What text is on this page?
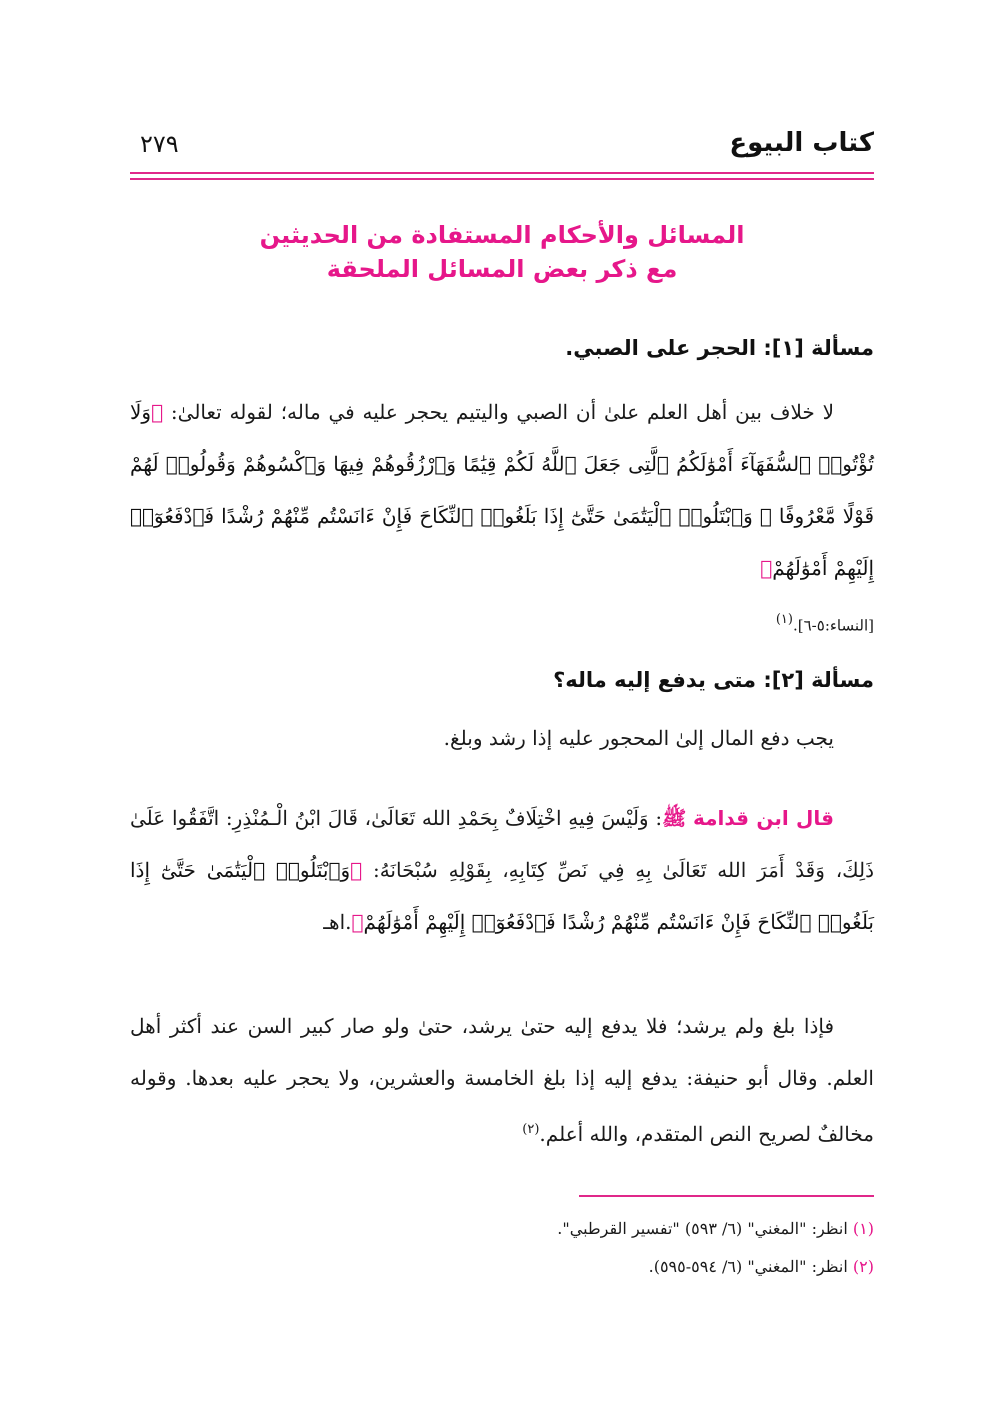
كتاب البيوع
٢٧٩
المسائل والأحكام المستفادة من الحديثين
مع ذكر بعض المسائل الملحقة
مسألة [١]: الحجر على الصبي.
لا خلاف بين أهل العلم علىٰ أن الصبي واليتيم يحجر عليه في ماله؛ لقوله تعالىٰ: ﴿وَلَا تُؤْتُوا۟ ٱلسُّفَهَآءَ أَمْوَٰلَكُمُ ٱلَّتِى جَعَلَ ٱللَّهُ لَكُمْ قِيَٰمًا وَٱرْزُقُوهُمْ فِيهَا وَٱكْسُوهُمْ وَقُولُوا۟ لَهُمْ قَوْلًا مَّعْرُوفًا ۞ وَٱبْتَلُوا۟ ٱلْيَتَٰمَىٰ حَتَّىٰٓ إِذَا بَلَغُوا۟ ٱلنِّكَاحَ فَإِنْ ءَانَسْتُم مِّنْهُمْ رُشْدًا فَٱدْفَعُوٓا۟ إِلَيْهِمْ أَمْوَٰلَهُمْ﴾
[النساء:٥-٦].$^{(١)}$
مسألة [٢]: متى يدفع إليه ماله؟
يجب دفع المال إلىٰ المحجور عليه إذا رشد وبلغ.
قال ابن قدامة ﷺ: وَلَيْسَ فِيهِ اخْتِلَافٌ بِحَمْدِ الله تَعَالَىٰ، قَالَ ابْنُ الْـمُنْذِرِ: اتَّفَقُوا عَلَىٰ ذَلِكَ، وَقَدْ أَمَرَ الله تَعَالَىٰ بِهِ فِي نَصِّ كِتَابِهِ، بِقَوْلِهِ سُبْحَانَهُ: ﴿وَٱبْتَلُوا۟ ٱلْيَتَٰمَىٰ حَتَّىٰٓ إِذَا بَلَغُوا۟ ٱلنِّكَاحَ فَإِنْ ءَانَسْتُم مِّنْهُمْ رُشْدًا فَٱدْفَعُوٓا۟ إِلَيْهِمْ أَمْوَٰلَهُمْ﴾.اهـ
فإذا بلغ ولم يرشد؛ فلا يدفع إليه حتىٰ يرشد، حتىٰ ولو صار كبير السن عند أكثر أهل العلم. وقال أبو حنيفة: يدفع إليه إذا بلغ الخامسة والعشرين، ولا يحجر عليه بعدها. وقوله مخالفٌ لصريح النص المتقدم، والله أعلم.$^{(٢)}$
(١) انظر: "المغني" (٦/ ٥٩٣) "تفسير القرطبي".
(٢) انظر: "المغني" (٦/ ٥٩٤-٥٩٥).
